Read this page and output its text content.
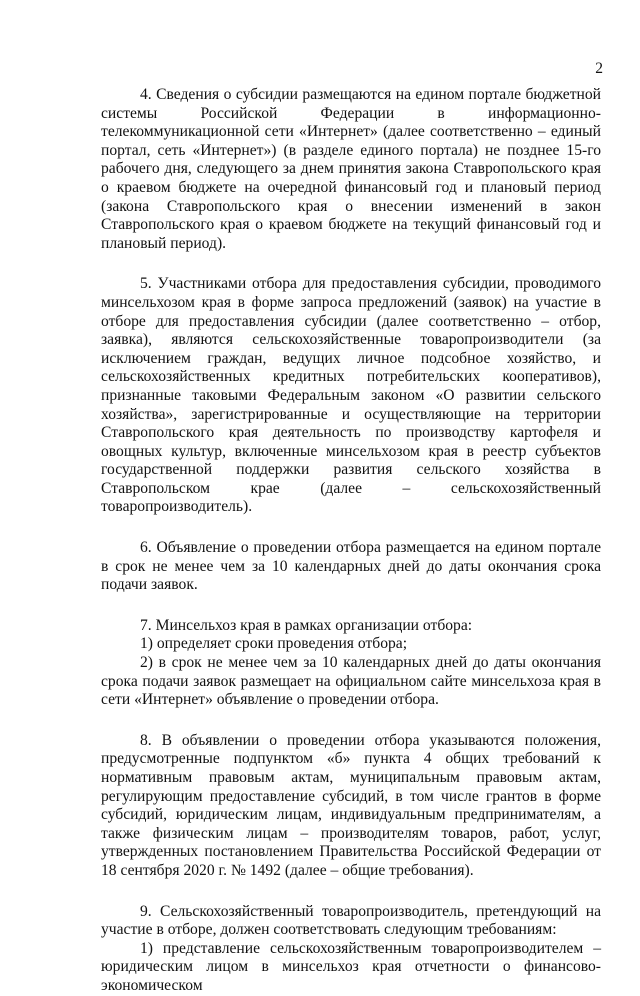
2

4. Сведения о субсидии размещаются на едином портале бюджетной системы Российской Федерации в информационно-телекоммуникационной сети «Интернет» (далее соответственно – единый портал, сеть «Интернет») (в разделе единого портала) не позднее 15-го рабочего дня, следующего за днем принятия закона Ставропольского края о краевом бюджете на очередной финансовый год и плановый период (закона Ставропольского края о внесении изменений в закон Ставропольского края о краевом бюджете на текущий финансовый год и плановый период).

5. Участниками отбора для предоставления субсидии, проводимого минсельхозом края в форме запроса предложений (заявок) на участие в отборе для предоставления субсидии (далее соответственно – отбор, заявка), являются сельскохозяйственные товаропроизводители (за исключением граждан, ведущих личное подсобное хозяйство, и сельскохозяйственных кредитных потребительских кооперативов), признанные таковыми Федеральным законом «О развитии сельского хозяйства», зарегистрированные и осуществляющие на территории Ставропольского края деятельность по производству картофеля и овощных культур, включенные минсельхозом края в реестр субъектов государственной поддержки развития сельского хозяйства в Ставропольском крае (далее – сельскохозяйственный товаропроизводитель).

6. Объявление о проведении отбора размещается на едином портале в срок не менее чем за 10 календарных дней до даты окончания срока подачи заявок.

7. Минсельхоз края в рамках организации отбора:

1) определяет сроки проведения отбора;

2) в срок не менее чем за 10 календарных дней до даты окончания срока подачи заявок размещает на официальном сайте минсельхоза края в сети «Интернет» объявление о проведении отбора.

8. В объявлении о проведении отбора указываются положения, предусмотренные подпунктом «б» пункта 4 общих требований к нормативным правовым актам, муниципальным правовым актам, регулирующим предоставление субсидий, в том числе грантов в форме субсидий, юридическим лицам, индивидуальным предпринимателям, а также физическим лицам – производителям товаров, работ, услуг, утвержденных постановлением Правительства Российской Федерации от 18 сентября 2020 г. № 1492 (далее – общие требования).

9. Сельскохозяйственный товаропроизводитель, претендующий на участие в отборе, должен соответствовать следующим требованиям:

1) представление сельскохозяйственным товаропроизводителем – юридическим лицом в минсельхоз края отчетности о финансово-экономическом
